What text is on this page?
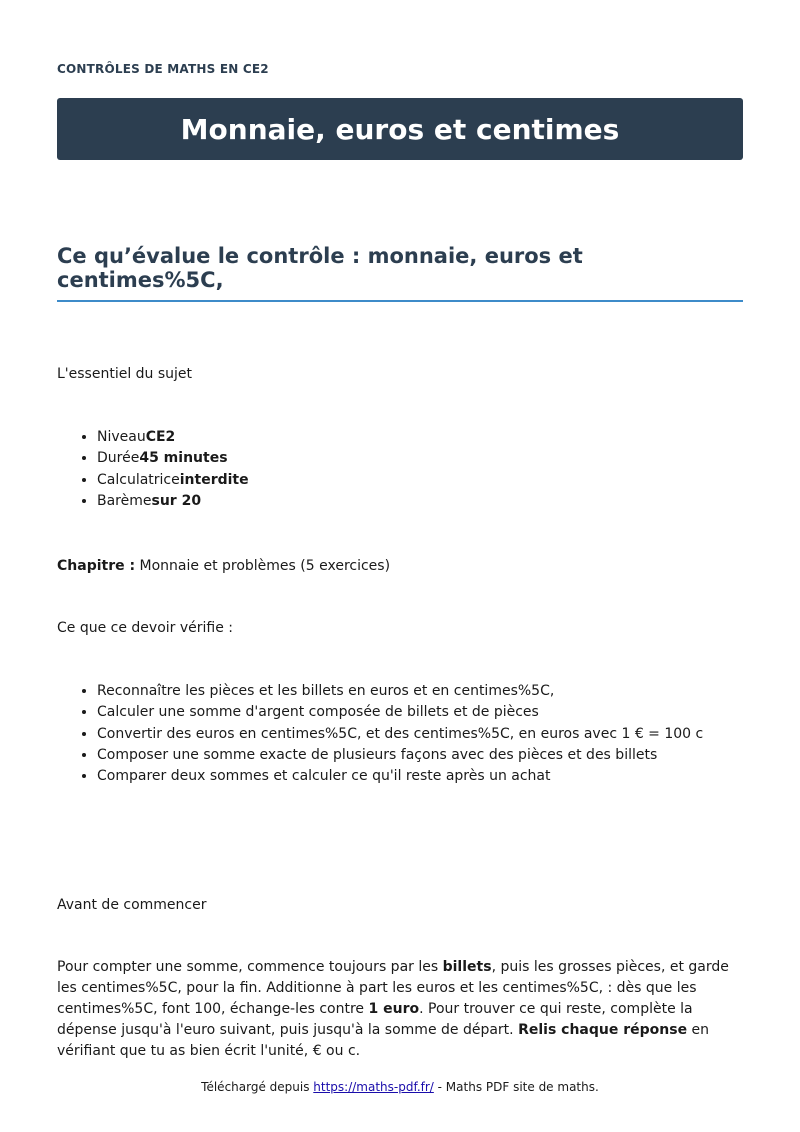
CONTRÔLES DE MATHS EN CE2
Monnaie, euros et centimes
Ce qu’évalue le contrôle : monnaie, euros et centimes%5C,

L'essentiel du sujet

• NiveauCE2
• Durée45 minutes
• Calculatriceinterdite
• Barèmesur 20

Chapitre : Monnaie et problèmes (5 exercices)

Ce que ce devoir vérifie :

• Reconnaître les pièces et les billets en euros et en centimes%5C,
• Calculer une somme d'argent composée de billets et de pièces
• Convertir des euros en centimes%5C, et des centimes%5C, en euros avec 1 € = 100 c
• Composer une somme exacte de plusieurs façons avec des pièces et des billets
• Comparer deux sommes et calculer ce qu'il reste après un achat

Avant de commencer

Pour compter une somme, commence toujours par les billets, puis les grosses pièces, et garde les centimes%5C, pour la fin. Additionne à part les euros et les centimes%5C, : dès que les centimes%5C, font 100, échange-les contre 1 euro. Pour trouver ce qui reste, complète la dépense jusqu'à l'euro suivant, puis jusqu'à la somme de départ. Relis chaque réponse en vérifiant que tu as bien écrit l'unité, € ou c.

Téléchargé depuis https://maths-pdf.fr/ - Maths PDF site de maths.
